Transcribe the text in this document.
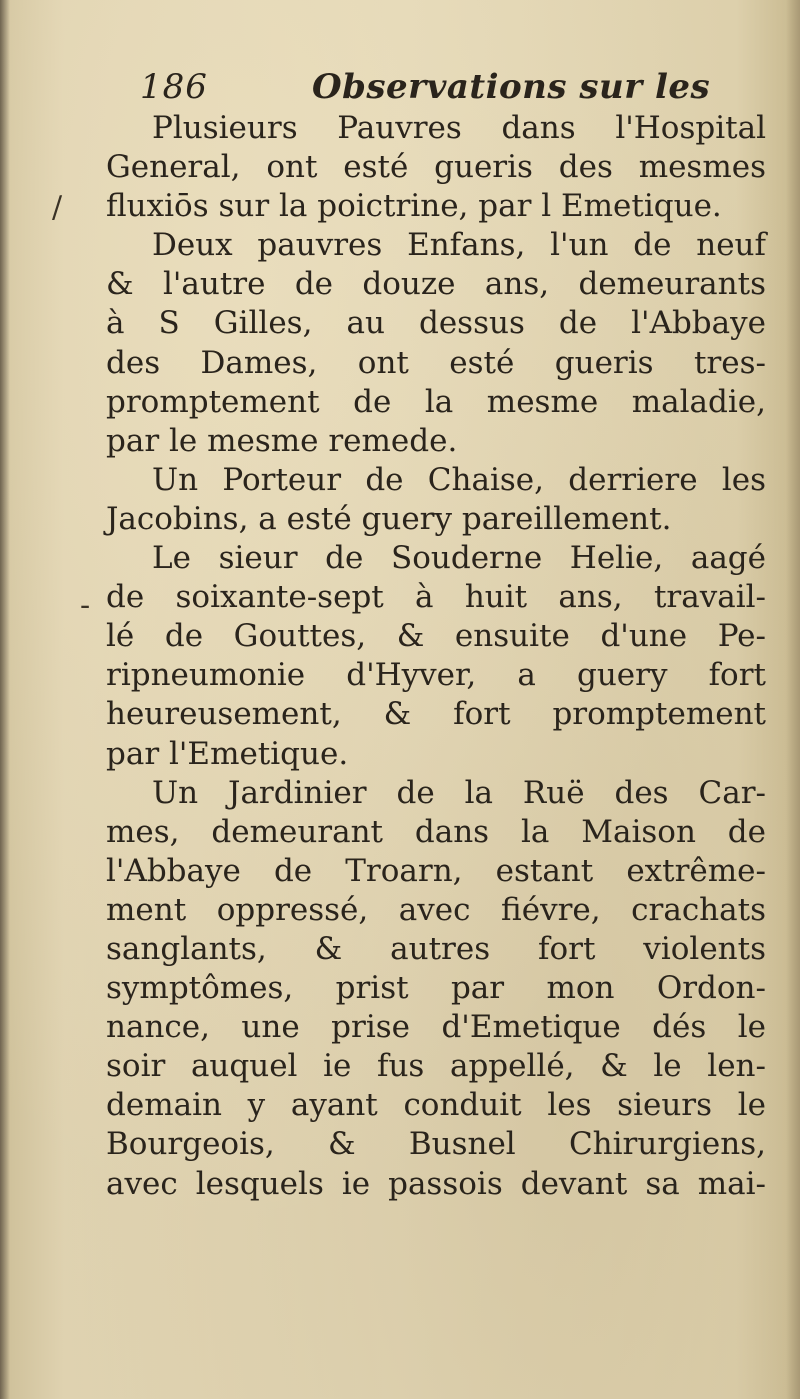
186	Observations sur les
/
-
Plusieurs Pauvres dans l'Hospital
General, ont esté gueris des mesmes
fluxiōs sur la poictrine, par l Emetique.
Deux pauvres Enfans, l'un de neuf
& l'autre de douze ans, demeurants
à S Gilles, au dessus de l'Abbaye
des Dames, ont esté gueris tres-
promptement de la mesme maladie,
par le mesme remede.
Un Porteur de Chaise, derriere les
Jacobins, a esté guery pareillement.
Le sieur de Souderne Helie, aagé
de soixante-sept à huit ans, travail-
lé de Gouttes, & ensuite d'une Pe-
ripneumonie d'Hyver, a guery fort
heureusement, & fort promptement
par l'Emetique.
Un Jardinier de la Ruë des Car-
mes, demeurant dans la Maison de
l'Abbaye de Troarn, estant extrême-
ment oppressé, avec fiévre, crachats
sanglants, & autres fort violents
symptômes, prist par mon Ordon-
nance, une prise d'Emetique dés le
soir auquel ie fus appellé, & le len-
demain y ayant conduit les sieurs le
Bourgeois, & Busnel Chirurgiens,
avec lesquels ie passois devant sa mai-
